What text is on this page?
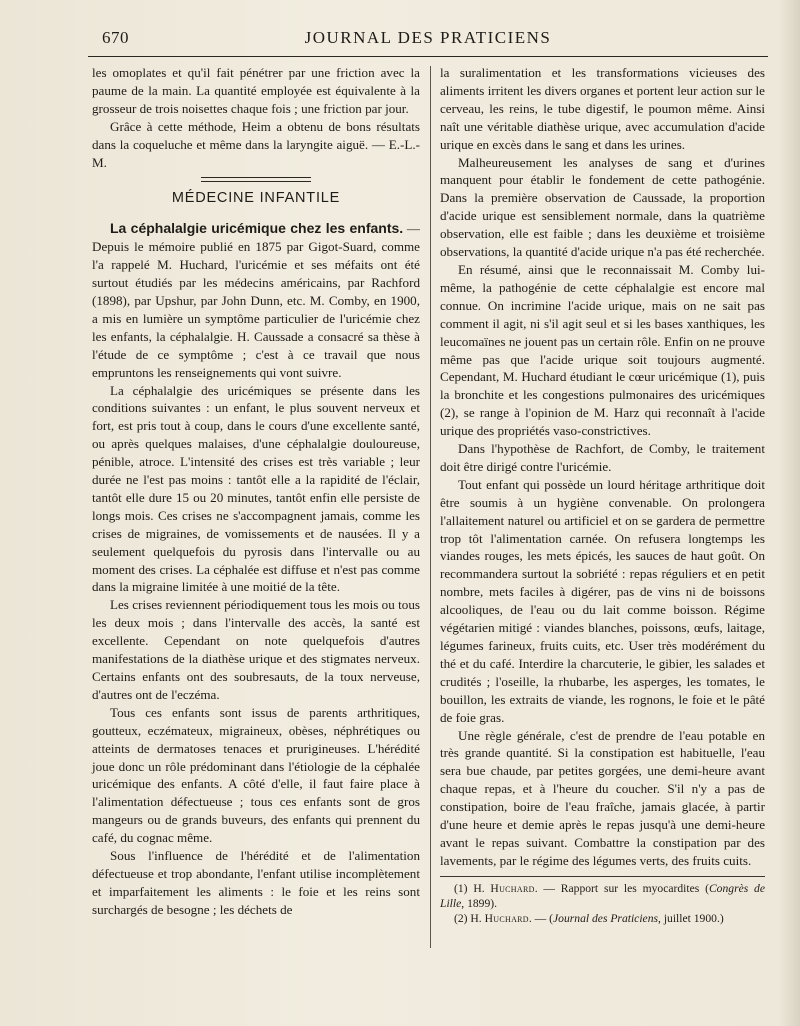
670	JOURNAL DES PRATICIENS

les omoplates et qu'il fait pénétrer par une friction avec la paume de la main. La quantité employée est équivalente à la grosseur de trois noisettes chaque fois ; une friction par jour.

Grâce à cette méthode, Heim a obtenu de bons résultats dans la coqueluche et même dans la laryngite aiguë. — E.-L.-M.

MÉDECINE INFANTILE

La céphalalgie uricémique chez les enfants. — Depuis le mémoire publié en 1875 par Gigot-Suard, comme l'a rappelé M. Huchard, l'uricémie et ses méfaits ont été surtout étudiés par les médecins américains, par Rachford (1898), par Upshur, par John Dunn, etc. M. Comby, en 1900, a mis en lumière un symptôme particulier de l'uricémie chez les enfants, la céphalalgie. H. Caussade a consacré sa thèse à l'étude de ce symptôme ; c'est à ce travail que nous empruntons les renseignements qui vont suivre.

La céphalalgie des uricémiques se présente dans les conditions suivantes : un enfant, le plus souvent nerveux et fort, est pris tout à coup, dans le cours d'une excellente santé, ou après quelques malaises, d'une céphalalgie douloureuse, pénible, atroce. L'intensité des crises est très variable ; leur durée ne l'est pas moins : tantôt elle a la rapidité de l'éclair, tantôt elle dure 15 ou 20 minutes, tantôt enfin elle persiste de longs mois. Ces crises ne s'accompagnent jamais, comme les crises de migraines, de vomissements et de nausées. Il y a seulement quelquefois du pyrosis dans l'intervalle ou au moment des crises. La céphalée est diffuse et n'est pas comme dans la migraine limitée à une moitié de la tête.

Les crises reviennent périodiquement tous les mois ou tous les deux mois ; dans l'intervalle des accès, la santé est excellente. Cependant on note quelquefois d'autres manifestations de la diathèse urique et des stigmates nerveux. Certains enfants ont des soubresauts, de la toux nerveuse, d'autres ont de l'eczéma.

Tous ces enfants sont issus de parents arthritiques, goutteux, eczémateux, migraineux, obèses, néphrétiques ou atteints de dermatoses tenaces et prurigineuses. L'hérédité joue donc un rôle prédominant dans l'étiologie de la céphalée uricémique des enfants. A côté d'elle, il faut faire place à l'alimentation défectueuse ; tous ces enfants sont de gros mangeurs ou de grands buveurs, des enfants qui prennent du café, du cognac même.

Sous l'influence de l'hérédité et de l'alimentation défectueuse et trop abondante, l'enfant utilise incomplètement et imparfaitement les aliments : le foie et les reins sont surchargés de besogne ; les déchets de

la suralimentation et les transformations vicieuses des aliments irritent les divers organes et portent leur action sur le cerveau, les reins, le tube digestif, le poumon même. Ainsi naît une véritable diathèse urique, avec accumulation d'acide urique en excès dans le sang et dans les urines.

Malheureusement les analyses de sang et d'urines manquent pour établir le fondement de cette pathogénie. Dans la première observation de Caussade, la proportion d'acide urique est sensiblement normale, dans la quatrième observation, elle est faible ; dans les deuxième et troisième observations, la quantité d'acide urique n'a pas été recherchée.

En résumé, ainsi que le reconnaissait M. Comby lui-même, la pathogénie de cette céphalalgie est encore mal connue. On incrimine l'acide urique, mais on ne sait pas comment il agit, ni s'il agit seul et si les bases xanthiques, les leucomaïnes ne jouent pas un certain rôle. Enfin on ne prouve même pas que l'acide urique soit toujours augmenté. Cependant, M. Huchard étudiant le cœur uricémique (1), puis la bronchite et les congestions pulmonaires des uricémiques (2), se range à l'opinion de M. Harz qui reconnaît à l'acide urique des propriétés vaso-constrictives.

Dans l'hypothèse de Rachfort, de Comby, le traitement doit être dirigé contre l'uricémie.

Tout enfant qui possède un lourd héritage arthritique doit être soumis à un hygiène convenable. On prolongera l'allaitement naturel ou artificiel et on se gardera de permettre trop tôt l'alimentation carnée. On refusera longtemps les viandes rouges, les mets épicés, les sauces de haut goût. On recommandera surtout la sobriété : repas réguliers et en petit nombre, mets faciles à digérer, pas de vins ni de boissons alcooliques, de l'eau ou du lait comme boisson. Régime végétarien mitigé : viandes blanches, poissons, œufs, laitage, légumes farineux, fruits cuits, etc. User très modérément du thé et du café. Interdire la charcuterie, le gibier, les salades et crudités ; l'oseille, la rhubarbe, les asperges, les tomates, le bouillon, les extraits de viande, les rognons, le foie et le pâté de foie gras.

Une règle générale, c'est de prendre de l'eau potable en très grande quantité. Si la constipation est habituelle, l'eau sera bue chaude, par petites gorgées, une demi-heure avant chaque repas, et à l'heure du coucher. S'il n'y a pas de constipation, boire de l'eau fraîche, jamais glacée, à partir d'une heure et demie après le repas jusqu'à une demi-heure avant le repas suivant. Combattre la constipation par des lavements, par le régime des légumes verts, des fruits cuits.

(1) H. Huchard. — Rapport sur les myocardites (Congrès de Lille, 1899).
(2) H. Huchard. — (Journal des Praticiens, juillet 1900.)
